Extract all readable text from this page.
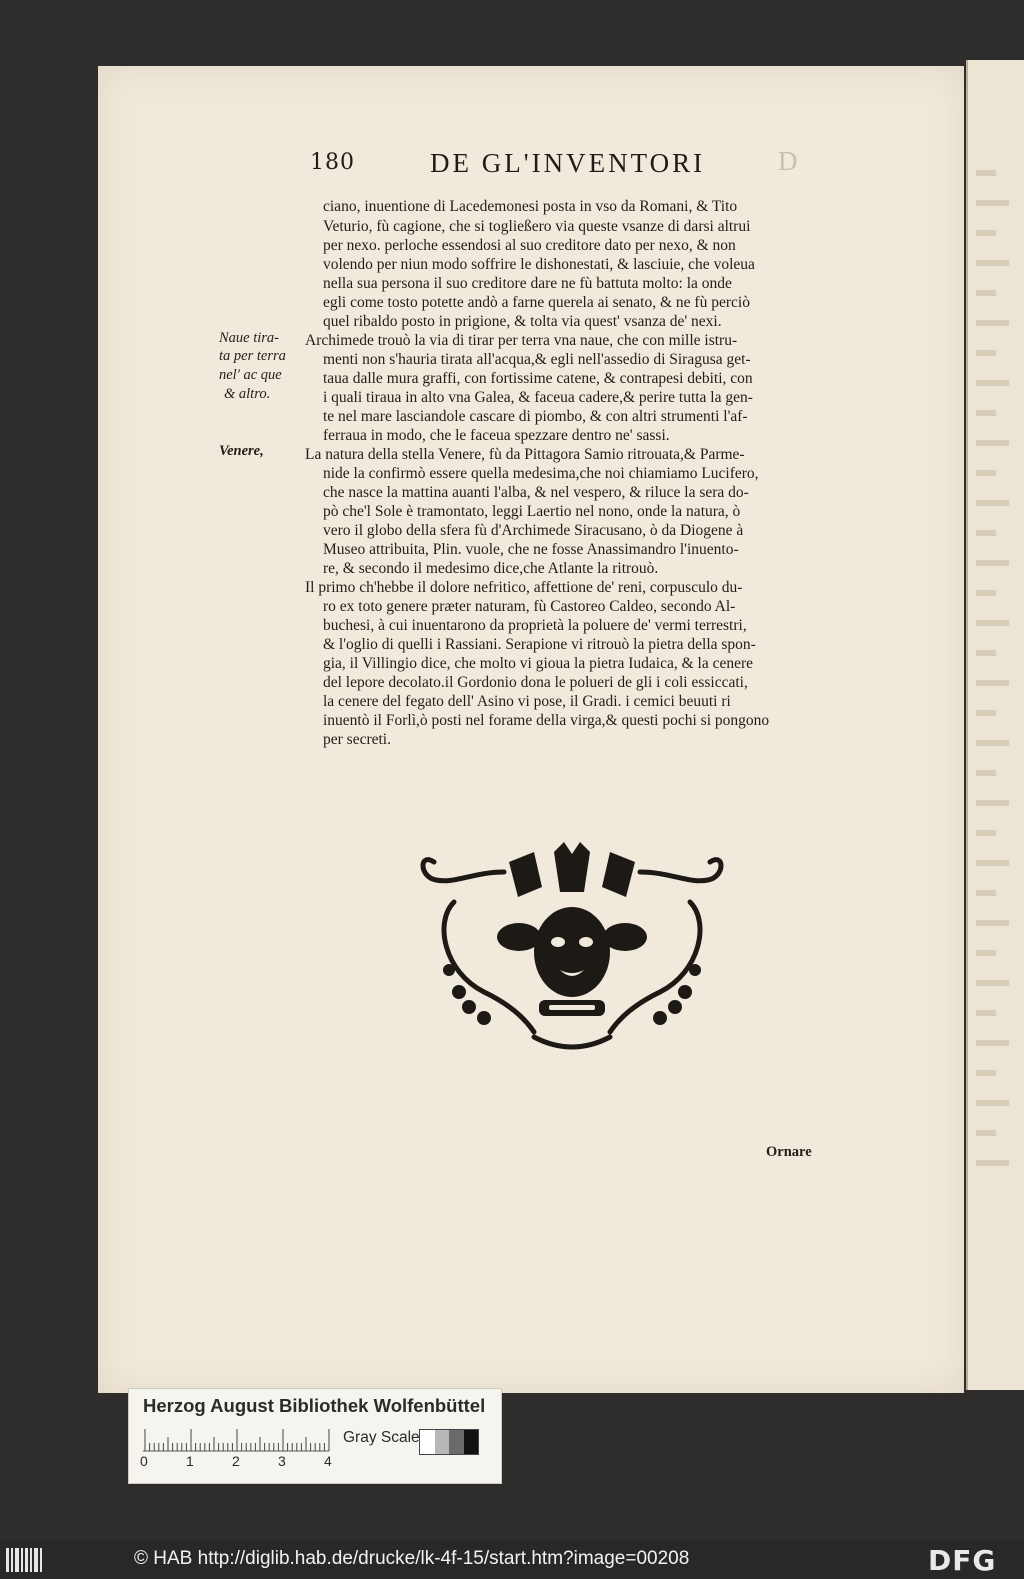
180	DE GL'INVENTORI	D
ciano, inuentione di Lacedemonesi posta in vso da Romani, & Tito
Veturio, fù cagione, che si togließero via queste vsanze di darsi altrui
per nexo. perloche essendosi al suo creditore dato per nexo, & non
volendo per niun modo soffrire le dishonestati, & lasciuie, che voleua
nella sua persona il suo creditore dare ne fù battuta molto: la onde
egli come tosto potette andò a farne querela ai senato, & ne fù perciò
quel ribaldo posto in prigione, & tolta via quest' vsanza de' nexi.
Archimede trouò la via di tirar per terra vna naue, che con mille istru-
menti non s'hauria tirata all'acqua,& egli nell'assedio di Siragusa get-
taua dalle mura graffi, con fortissime catene, & contrapesi debiti, con
i quali tiraua in alto vna Galea, & faceua cadere,& perire tutta la gen-
te nel mare lasciandole cascare di piombo, & con altri strumenti l'af-
ferraua in modo, che le faceua spezzare dentro ne' sassi.
La natura della stella Venere, fù da Pittagora Samio ritrouata,& Parme-
nide la confirmò essere quella medesima,che noi chiamiamo Lucifero,
che nasce la mattina auanti l'alba, & nel vespero, & riluce la sera do-
pò che'l Sole è tramontato, leggi Laertio nel nono, onde la natura, ò
vero il globo della sfera fù d'Archimede Siracusano, ò da Diogene à
Museo attribuita, Plin. vuole, che ne fosse Anassimandro l'inuento-
re, & secondo il medesimo dice,che Atlante la ritrouò.
Il primo ch'hebbe il dolore nefritico, affettione de' reni, corpusculo du-
ro ex toto genere præter naturam, fù Castoreo Caldeo, secondo Al-
buchesi, à cui inuentarono da proprietà la poluere de' vermi terrestri,
& l'oglio di quelli i Rassiani. Serapione vi ritrouò la pietra della spon-
gia, il Villingio dice, che molto vi gioua la pietra Iudaica, & la cenere
del lepore decolato.il Gordonio dona le polueri de gli i coli essiccati,
la cenere del fegato dell' Asino vi pose, il Gradi. i cemici beuuti ri
inuentò il Forlì,ò posti nel forame della virga,& questi pochi si pongono
per secreti.
Naue tira-
ta per terra
nel' ac que
& altro.
Venere,
Ornare
Herzog August Bibliothek Wolfenbüttel
0	1	2	3	4
Gray Scale
© HAB http://diglib.hab.de/drucke/lk-4f-15/start.htm?image=00208	DFG
